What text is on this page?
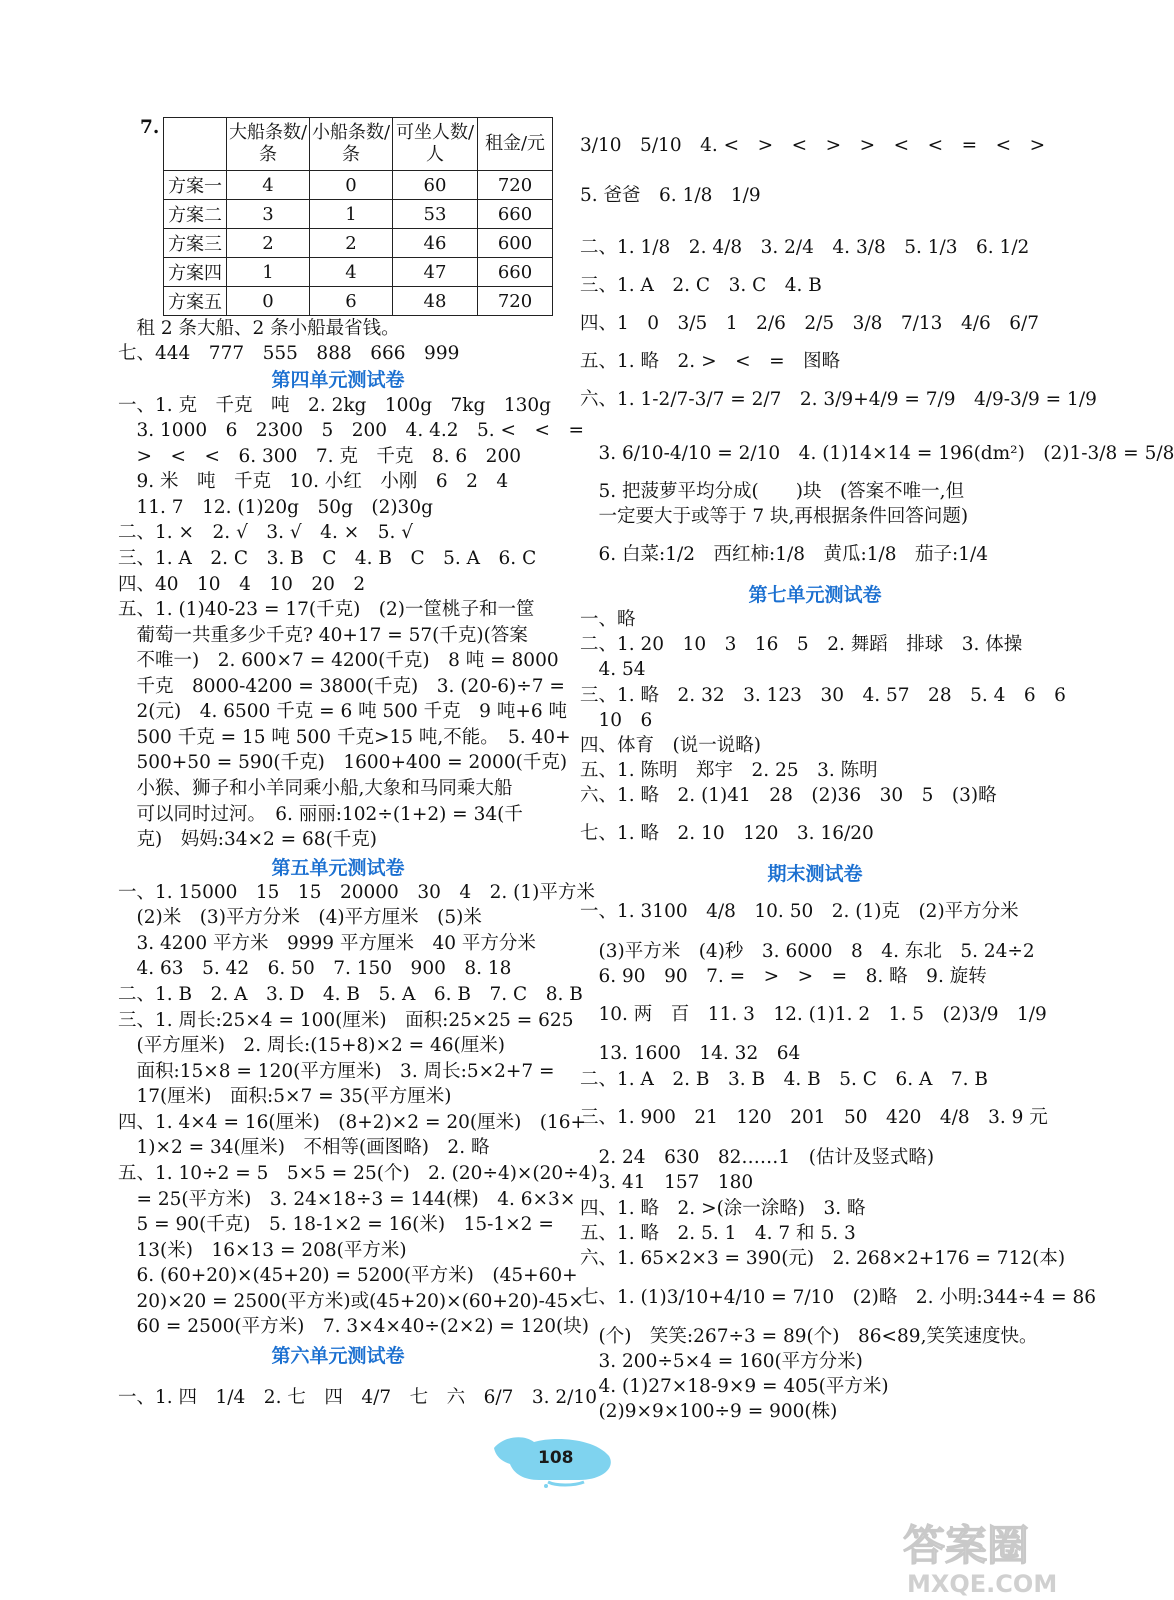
7.
		大船条数/条	小船条数/条	可坐人数/人	租金/元
方案一	4	0	60	720
方案二	3	1	53	660
方案三	2	2	46	600
方案四	1	4	47	660
方案五	0	6	48	720
　租 2 条大船、2 条小船最省钱。
七、444　777　555　888　666　999
第四单元测试卷
一、1. 克　千克　吨　2. 2kg　100g　7kg　130g
　3. 1000　6　2300　5　200　4. 4.2　5. <　<　=
　>　<　<　6. 300　7. 克　千克　8. 6　200
　9. 米　吨　千克　10. 小红　小刚　6　2　4
　11. 7　12. (1)20g　50g　(2)30g
二、1. ×　2. √　3. √　4. ×　5. √
三、1. A　2. C　3. B　C　4. B　C　5. A　6. C
四、40　10　4　10　20　2
五、1. (1)40-23 = 17(千克)　(2)一筐桃子和一筐
　葡萄一共重多少千克? 40+17 = 57(千克)(答案
　不唯一)　2. 600×7 = 4200(千克)　8 吨 = 8000
　千克　8000-4200 = 3800(千克)　3. (20-6)÷7 =
　2(元)　4. 6500 千克 = 6 吨 500 千克　9 吨+6 吨
　500 千克 = 15 吨 500 千克>15 吨,不能。　5. 40+
　500+50 = 590(千克)　1600+400 = 2000(千克)
　小猴、狮子和小羊同乘小船,大象和马同乘大船
　可以同时过河。　6. 丽丽:102÷(1+2) = 34(千
　克)　妈妈:34×2 = 68(千克)
第五单元测试卷
一、1. 15000　15　15　20000　30　4　2. (1)平方米
　(2)米　(3)平方分米　(4)平方厘米　(5)米
　3. 4200 平方米　9999 平方厘米　40 平方分米
　4. 63　5. 42　6. 50　7. 150　900　8. 18
二、1. B　2. A　3. D　4. B　5. A　6. B　7. C　8. B
三、1. 周长:25×4 = 100(厘米)　面积:25×25 = 625
　(平方厘米)　2. 周长:(15+8)×2 = 46(厘米)
　面积:15×8 = 120(平方厘米)　3. 周长:5×2+7 =
　17(厘米)　面积:5×7 = 35(平方厘米)
四、1. 4×4 = 16(厘米)　(8+2)×2 = 20(厘米)　(16+
　1)×2 = 34(厘米)　不相等(画图略)　2. 略
五、1. 10÷2 = 5　5×5 = 25(个)　2. (20÷4)×(20÷4)
　= 25(平方米)　3. 24×18÷3 = 144(棵)　4. 6×3×
　5 = 90(千克)　5. 18-1×2 = 16(米)　15-1×2 =
　13(米)　16×13 = 208(平方米)
　6. (60+20)×(45+20) = 5200(平方米)　(45+60+
　20)×20 = 2500(平方米)或(45+20)×(60+20)-45×
　60 = 2500(平方米)　7. 3×4×40÷(2×2) = 120(块)
第六单元测试卷
一、1. 四　1/4　2. 七　四　4/7　七　六　6/7　3. 2/10
3/10　5/10　4. <　>　<　>　>　<　<　=　<　>
5. 爸爸　6. 1/8　1/9
二、1. 1/8　2. 4/8　3. 2/4　4. 3/8　5. 1/3　6. 1/2
三、1. A　2. C　3. C　4. B
四、1　0　3/5　1　2/6　2/5　3/8　7/13　4/6　6/7
五、1. 略　2. >　<　=　图略
六、1. 1-2/7-3/7 = 2/7　2. 3/9+4/9 = 7/9　4/9-3/9 = 1/9
　3. 6/10-4/10 = 2/10　4. (1)14×14 = 196(dm²)　(2)1-3/8 = 5/8
　5. 把菠萝平均分成(　　)块　(答案不唯一,但
　一定要大于或等于 7 块,再根据条件回答问题)
　6. 白菜:1/2　西红柿:1/8　黄瓜:1/8　茄子:1/4
第七单元测试卷
一、略
二、1. 20　10　3　16　5　2. 舞蹈　排球　3. 体操
　4. 54
三、1. 略　2. 32　3. 123　30　4. 57　28　5. 4　6　6
　10　6
四、体育　(说一说略)
五、1. 陈明　郑宇　2. 25　3. 陈明
六、1. 略　2. (1)41　28　(2)36　30　5　(3)略
七、1. 略　2. 10　120　3. 16/20
期末测试卷
一、1. 3100　4/8　10. 50　2. (1)克　(2)平方分米
　(3)平方米　(4)秒　3. 6000　8　4. 东北　5. 24÷2
　6. 90　90　7. =　>　>　=　8. 略　9. 旋转
　10. 两　百　11. 3　12. (1)1. 2　1. 5　(2)3/9　1/9
　13. 1600　14. 32　64
二、1. A　2. B　3. B　4. B　5. C　6. A　7. B
三、1. 900　21　120　201　50　420　4/8　3. 9 元
　2. 24　630　82……1　(估计及竖式略)
　3. 41　157　180
四、1. 略　2. >(涂一涂略)　3. 略
五、1. 略　2. 5. 1　4. 7 和 5. 3
六、1. 65×2×3 = 390(元)　2. 268×2+176 = 712(本)
七、1. (1)3/10+4/10 = 7/10　(2)略　2. 小明:344÷4 = 86
　(个)　笑笑:267÷3 = 89(个)　86<89,笑笑速度快。
　3. 200÷5×4 = 160(平方分米)
　4. (1)27×18-9×9 = 405(平方米)
　(2)9×9×100÷9 = 900(株)
108
答案圈
MXQE.COM
